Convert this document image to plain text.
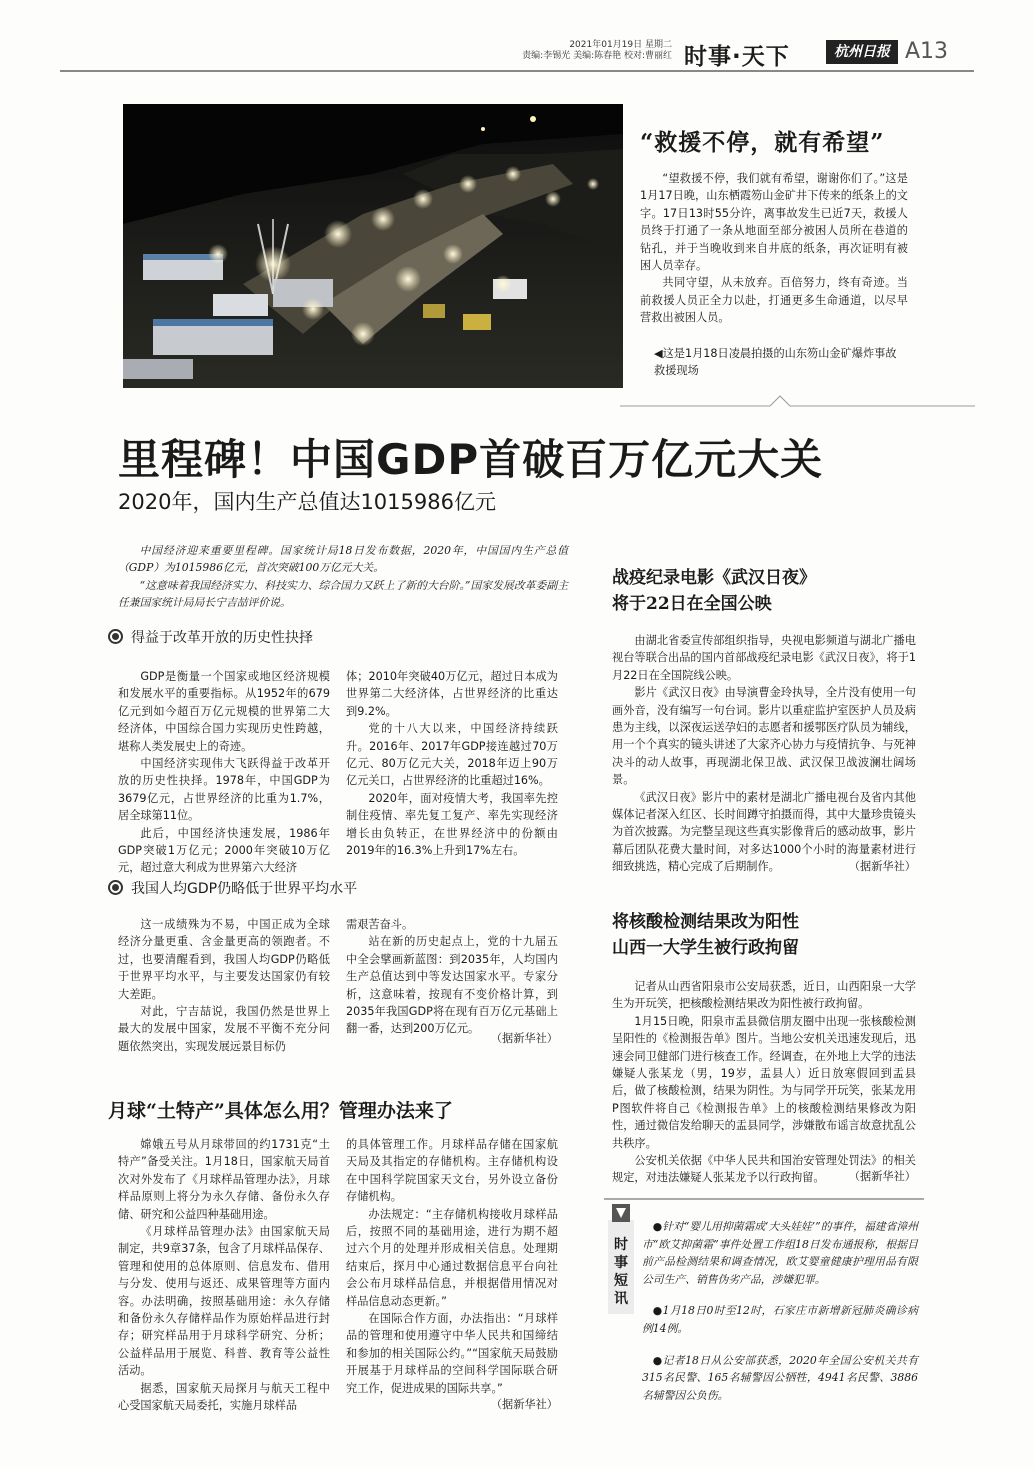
2021年01月19日 星期二
责编:李锡光 美编:陈春艳 校对:曹丽红 时事·天下	杭州日报 A13
“救援不停，就有希望”

“望救援不停，我们就有希望，谢谢你们了。”这是1月17日晚，山东栖霞笏山金矿井下传来的纸条上的文字。17日13时55分许，离事故发生已近7天，救援人员终于打通了一条从地面至部分被困人员所在巷道的钻孔，并于当晚收到来自井底的纸条，再次证明有被困人员幸存。

共同守望，从未放弃。百倍努力，终有奇迹。当前救援人员正全力以赴，打通更多生命通道，以尽早营救出被困人员。

◀这是1月18日凌晨拍摄的山东笏山金矿爆炸事故救援现场
里程碑！中国GDP首破百万亿元大关
2020年，国内生产总值达1015986亿元

中国经济迎来重要里程碑。国家统计局18日发布数据，2020年，中国国内生产总值（GDP）为1015986亿元，首次突破100万亿元大关。

“这意味着我国经济实力、科技实力、综合国力又跃上了新的大台阶。”国家发展改革委副主任兼国家统计局局长宁吉喆评价说。

得益于改革开放的历史性抉择

GDP是衡量一个国家或地区经济规模和发展水平的重要指标。从1952年的679亿元到如今超百万亿元规模的世界第二大经济体，中国综合国力实现历史性跨越，堪称人类发展史上的奇迹。

中国经济实现伟大飞跃得益于改革开放的历史性抉择。1978年，中国GDP为3679亿元，占世界经济的比重为1.7%，居全球第11位。

此后，中国经济快速发展，1986年GDP突破1万亿元；2000年突破10万亿元，超过意大利成为世界第六大经济

体；2010年突破40万亿元，超过日本成为世界第二大经济体，占世界经济的比重达到9.2%。

党的十八大以来，中国经济持续跃升。2016年、2017年GDP接连越过70万亿元、80万亿元大关，2018年迈上90万亿元关口，占世界经济的比重超过16%。

2020年，面对疫情大考，我国率先控制住疫情、率先复工复产、率先实现经济增长由负转正，在世界经济中的份额由2019年的16.3%上升到17%左右。

我国人均GDP仍略低于世界平均水平

这一成绩殊为不易，中国正成为全球经济分量更重、含金量更高的领跑者。不过，也要清醒看到，我国人均GDP仍略低于世界平均水平，与主要发达国家仍有较大差距。

对此，宁吉喆说，我国仍然是世界上最大的发展中国家，发展不平衡不充分问题依然突出，实现发展远景目标仍

需艰苦奋斗。

站在新的历史起点上，党的十九届五中全会擘画新蓝图：到2035年，人均国内生产总值达到中等发达国家水平。专家分析，这意味着，按现有不变价格计算，到2035年我国GDP将在现有百万亿元基础上翻一番，达到200万亿元。

（据新华社）
月球“土特产”具体怎么用？管理办法来了

嫦娥五号从月球带回的约1731克“土特产”备受关注。1月18日，国家航天局首次对外发布了《月球样品管理办法》，月球样品原则上将分为永久存储、备份永久存储、研究和公益四种基础用途。

《月球样品管理办法》由国家航天局制定，共9章37条，包含了月球样品保存、管理和使用的总体原则、信息发布、借用与分发、使用与返还、成果管理等方面内容。办法明确，按照基础用途：永久存储和备份永久存储样品作为原始样品进行封存；研究样品用于月球科学研究、分析；公益样品用于展览、科普、教育等公益性活动。

据悉，国家航天局探月与航天工程中心受国家航天局委托，实施月球样品

的具体管理工作。月球样品存储在国家航天局及其指定的存储机构。主存储机构设在中国科学院国家天文台，另外设立备份存储机构。

办法规定：“主存储机构接收月球样品后，按照不同的基础用途，进行为期不超过六个月的处理并形成相关信息。处理期结束后，探月中心通过数据信息平台向社会公布月球样品信息，并根据借用情况对样品信息动态更新。”

在国际合作方面，办法指出：“月球样品的管理和使用遵守中华人民共和国缔结和参加的相关国际公约。”“国家航天局鼓励开展基于月球样品的空间科学国际联合研究工作，促进成果的国际共享。”

（据新华社）
战疫纪录电影《武汉日夜》
将于22日在全国公映

由湖北省委宣传部组织指导，央视电影频道与湖北广播电视台等联合出品的国内首部战疫纪录电影《武汉日夜》，将于1月22日在全国院线公映。

影片《武汉日夜》由导演曹金玲执导，全片没有使用一句画外音，没有编写一句台词。影片以重症监护室医护人员及病患为主线，以深夜运送孕妇的志愿者和援鄂医疗队员为辅线，用一个个真实的镜头讲述了大家齐心协力与疫情抗争、与死神决斗的动人故事，再现湖北保卫战、武汉保卫战波澜壮阔场景。

《武汉日夜》影片中的素材是湖北广播电视台及省内其他媒体记者深入红区、长时间蹲守拍摄而得，其中大量珍贵镜头为首次披露。为完整呈现这些真实影像背后的感动故事，影片幕后团队花费大量时间，对多达1000个小时的海量素材进行细致挑选，精心完成了后期制作。	（据新华社）
将核酸检测结果改为阳性
山西一大学生被行政拘留

记者从山西省阳泉市公安局获悉，近日，山西阳泉一大学生为开玩笑，把核酸检测结果改为阳性被行政拘留。

1月15日晚，阳泉市盂县微信朋友圈中出现一张核酸检测呈阳性的《检测报告单》图片。当地公安机关迅速发现后，迅速会同卫健部门进行核查工作。经调查，在外地上大学的违法嫌疑人张某龙（男，19岁，盂县人）近日放寒假回到盂县后，做了核酸检测，结果为阴性。为与同学开玩笑，张某龙用P图软件将自己《检测报告单》上的核酸检测结果修改为阳性，通过微信发给聊天的盂县同学，涉嫌散布谣言故意扰乱公共秩序。

公安机关依据《中华人民共和国治安管理处罚法》的相关规定，对违法嫌疑人张某龙予以行政拘留。	（据新华社）
时事短讯
●针对“婴儿用抑菌霜成‘大头娃娃’”的事件，福建省漳州市“欧艾抑菌霜”事件处置工作组18日发布通报称，根据目前产品检测结果和调查情况，欧艾婴童健康护理用品有限公司生产、销售伪劣产品，涉嫌犯罪。
●1月18日0时至12时，石家庄市新增新冠肺炎确诊病例14例。
●记者18日从公安部获悉，2020年全国公安机关共有315名民警、165名辅警因公牺牲，4941名民警、3886名辅警因公负伤。
